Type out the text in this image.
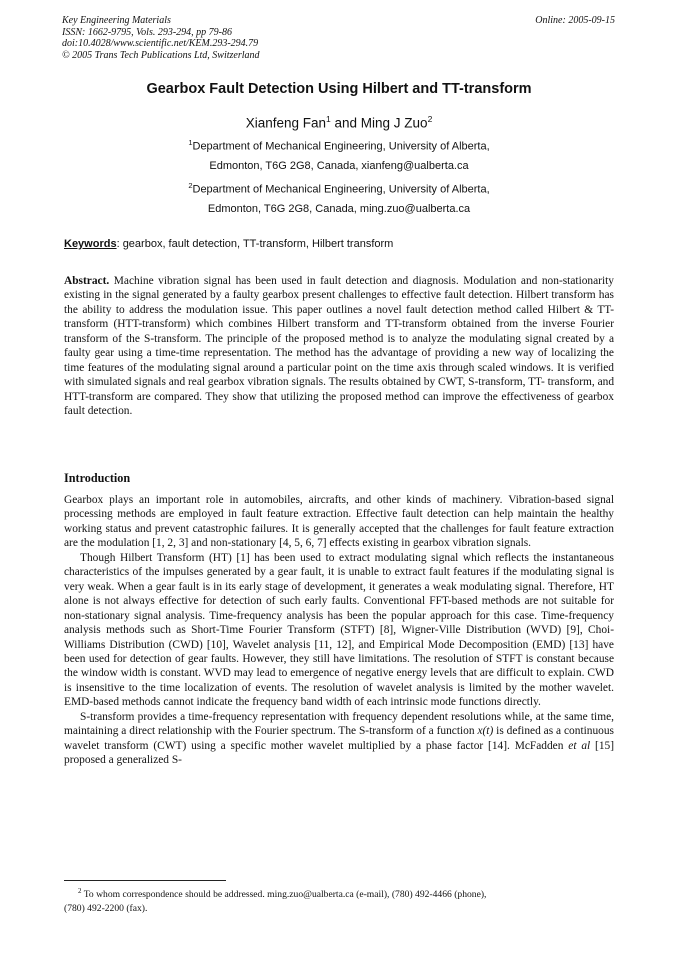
Key Engineering Materials
ISSN: 1662-9795, Vols. 293-294, pp 79-86
doi:10.4028/www.scientific.net/KEM.293-294.79
© 2005 Trans Tech Publications Ltd, Switzerland
Online: 2005-09-15
Gearbox Fault Detection Using Hilbert and TT-transform
Xianfeng Fan$^1$ and Ming J Zuo$^2$
$^1$Department of Mechanical Engineering, University of Alberta,
Edmonton, T6G 2G8, Canada, xianfeng@ualberta.ca
$^2$Department of Mechanical Engineering, University of Alberta,
Edmonton, T6G 2G8, Canada, ming.zuo@ualberta.ca
Keywords: gearbox, fault detection, TT-transform, Hilbert transform

Abstract. Machine vibration signal has been used in fault detection and diagnosis. Modulation and non-stationarity existing in the signal generated by a faulty gearbox present challenges to effective fault detection. Hilbert transform has the ability to address the modulation issue. This paper outlines a novel fault detection method called Hilbert & TT-transform (HTT-transform) which combines Hilbert transform and TT-transform obtained from the inverse Fourier transform of the S-transform. The principle of the proposed method is to analyze the modulating signal created by a faulty gear using a time-time representation. The method has the advantage of providing a new way of localizing the time features of the modulating signal around a particular point on the time axis through scaled windows. It is verified with simulated signals and real gearbox vibration signals. The results obtained by CWT, S-transform, TT- transform, and HTT-transform are compared. They show that utilizing the proposed method can improve the effectiveness of gearbox fault detection.

Introduction

Gearbox plays an important role in automobiles, aircrafts, and other kinds of machinery. Vibration-based signal processing methods are employed in fault feature extraction. Effective fault detection can help maintain the healthy working status and prevent catastrophic failures. It is generally accepted that the challenges for fault feature extraction are the modulation [1, 2, 3] and non-stationary [4, 5, 6, 7] effects existing in gearbox vibration signals.

Though Hilbert Transform (HT) [1] has been used to extract modulating signal which reflects the instantaneous characteristics of the impulses generated by a gear fault, it is unable to extract fault features if the modulating signal is very weak. When a gear fault is in its early stage of development, it generates a weak modulating signal. Therefore, HT alone is not always effective for detection of such early faults. Conventional FFT-based methods are not suitable for non-stationary signal analysis. Time-frequency analysis has been the popular approach for this case. Time-frequency analysis methods such as Short-Time Fourier Transform (STFT) [8], Wigner-Ville Distribution (WVD) [9], Choi-Williams Distribution (CWD) [10], Wavelet analysis [11, 12], and Empirical Mode Decomposition (EMD) [13] have been used for detection of gear faults. However, they still have limitations. The resolution of STFT is constant because the window width is constant. WVD may lead to emergence of negative energy levels that are difficult to explain. CWD is insensitive to the time localization of events. The resolution of wavelet analysis is limited by the mother wavelet. EMD-based methods cannot indicate the frequency band width of each intrinsic mode functions directly.

S-transform provides a time-frequency representation with frequency dependent resolutions while, at the same time, maintaining a direct relationship with the Fourier spectrum. The S-transform of a function x(t) is defined as a continuous wavelet transform (CWT) using a specific mother wavelet multiplied by a phase factor [14]. McFadden et al [15] proposed a generalized S-

$^2$ To whom correspondence should be addressed. ming.zuo@ualberta.ca (e-mail), (780) 492-4466 (phone),
(780) 492-2200 (fax).
